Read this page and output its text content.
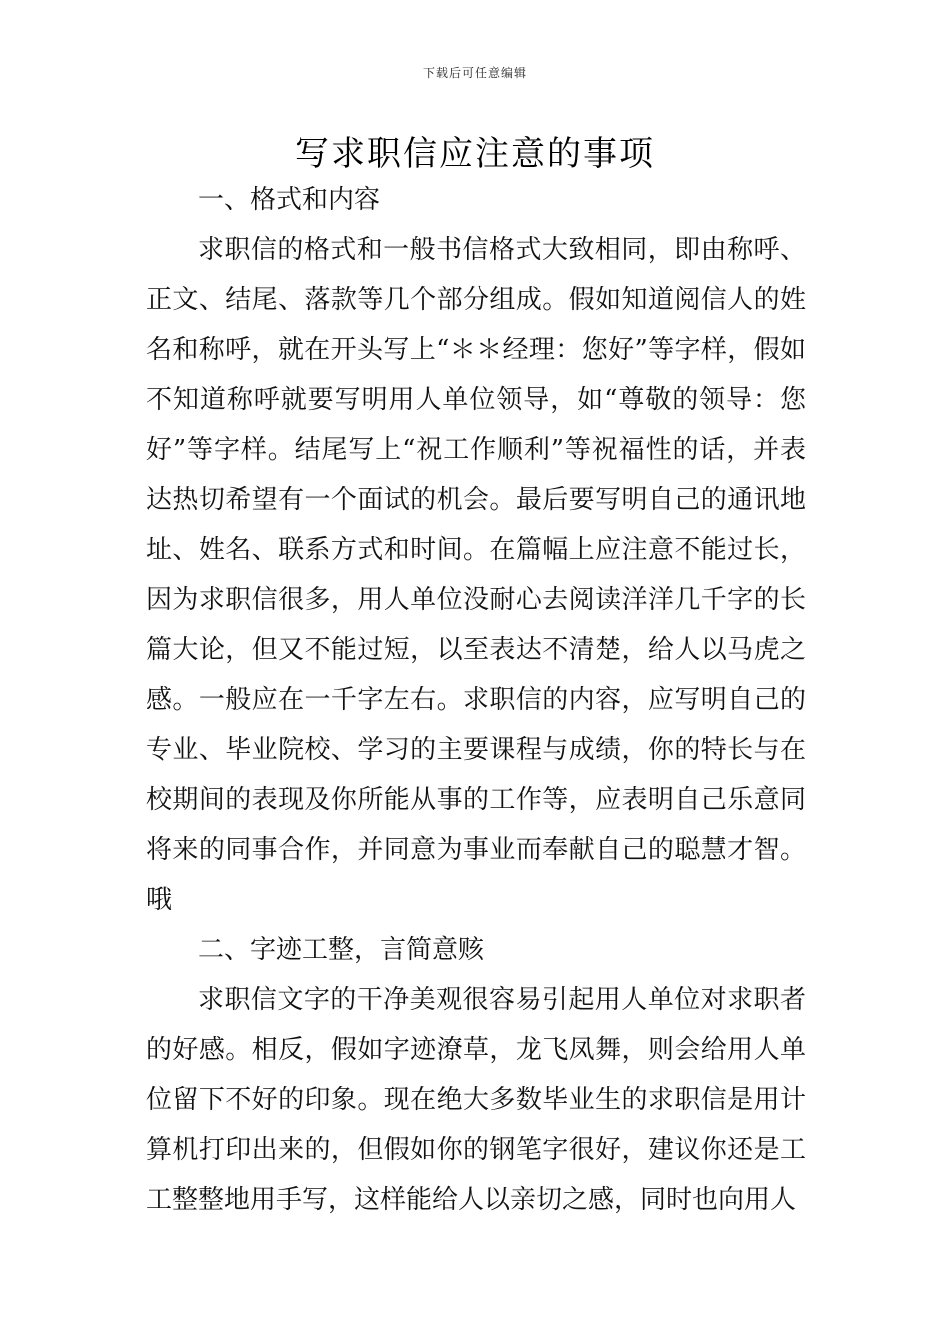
下载后可任意编辑
写求职信应注意的事项

一、格式和内容

求职信的格式和一般书信格式大致相同，即由称呼、正文、结尾、落款等几个部分组成。假如知道阅信人的姓名和称呼，就在开头写上“＊＊经理：您好”等字样，假如不知道称呼就要写明用人单位领导，如“尊敬的领导：您好”等字样。结尾写上“祝工作顺利”等祝福性的话，并表达热切希望有一个面试的机会。最后要写明自己的通讯地址、姓名、联系方式和时间。在篇幅上应注意不能过长，因为求职信很多，用人单位没耐心去阅读洋洋几千字的长篇大论，但又不能过短，以至表达不清楚，给人以马虎之感。一般应在一千字左右。求职信的内容，应写明自己的专业、毕业院校、学习的主要课程与成绩，你的特长与在校期间的表现及你所能从事的工作等，应表明自己乐意同将来的同事合作，并同意为事业而奉献自己的聪慧才智。 哦

二、字迹工整，言简意赅

求职信文字的干净美观很容易引起用人单位对求职者的好感。相反，假如字迹潦草，龙飞凤舞，则会给用人单位留下不好的印象。现在绝大多数毕业生的求职信是用计算机打印出来的，但假如你的钢笔字很好，建议你还是工工整整地用手写，这样能给人以亲切之感，同时也向用人
